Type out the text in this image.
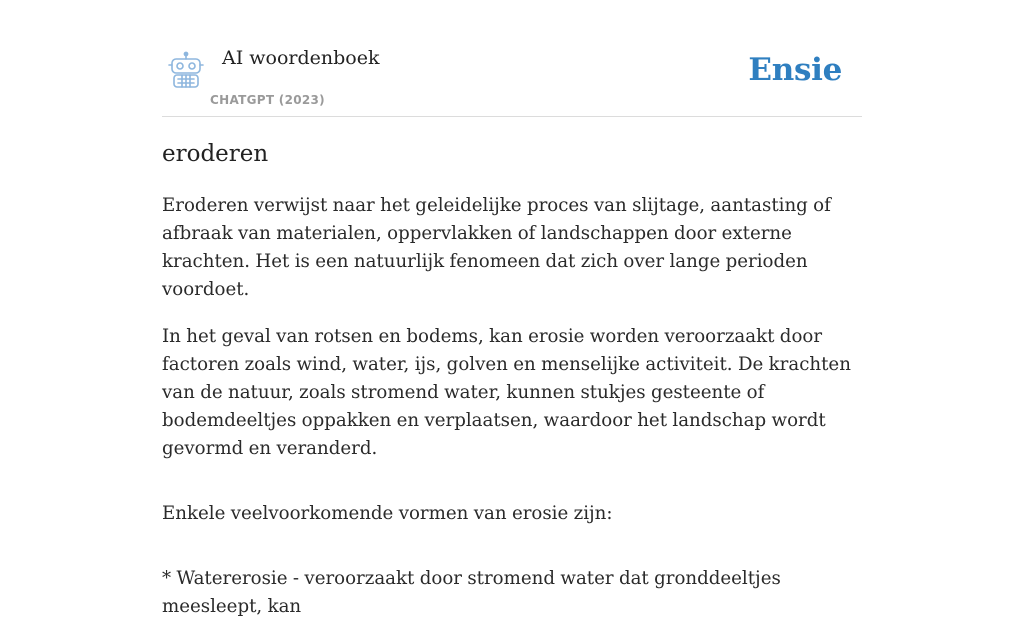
AI woordenboek
CHATGPT (2023)
Ensie
eroderen

Eroderen verwijst naar het geleidelijke proces van slijtage, aantasting of afbraak van materialen, oppervlakken of landschappen door externe krachten. Het is een natuurlijk fenomeen dat zich over lange perioden voordoet.

In het geval van rotsen en bodems, kan erosie worden veroorzaakt door factoren zoals wind, water, ijs, golven en menselijke activiteit. De krachten van de natuur, zoals stromend water, kunnen stukjes gesteente of bodemdeeltjes oppakken en verplaatsen, waardoor het landschap wordt gevormd en veranderd.

Enkele veelvoorkomende vormen van erosie zijn:

* Watererosie - veroorzaakt door stromend water dat gronddeeltjes meesleept, kan
